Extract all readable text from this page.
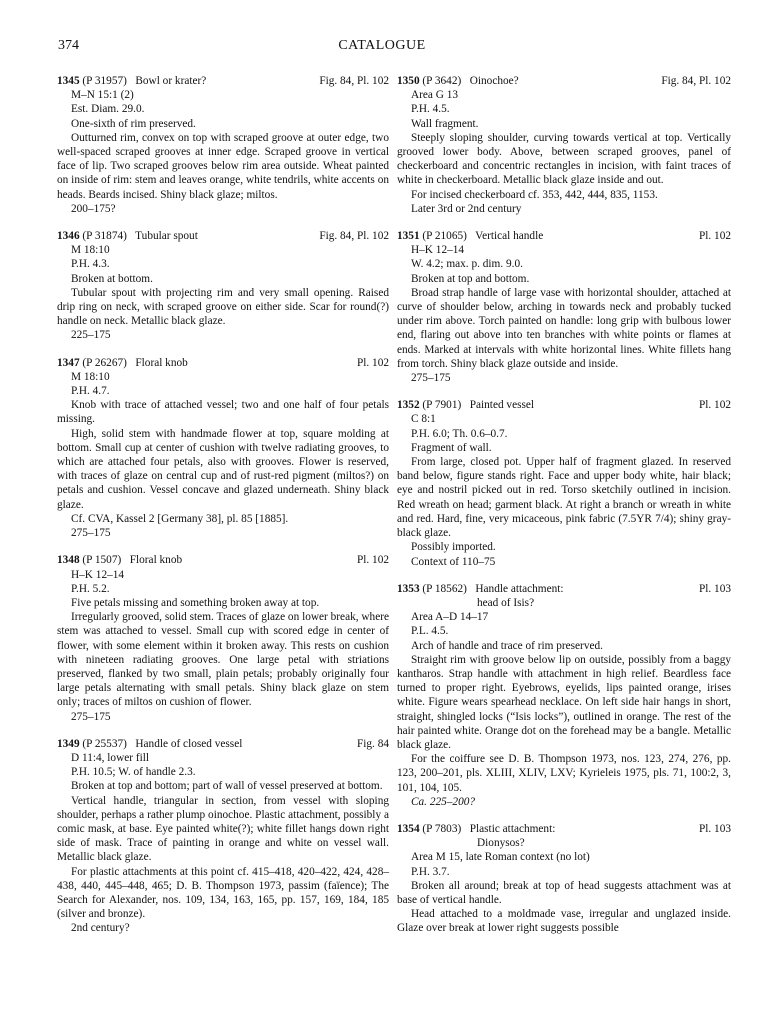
374	CATALOGUE
1345 (P 31957) Bowl or krater?	Fig. 84, Pl. 102
M–N 15:1 (2)
Est. Diam. 29.0.
One-sixth of rim preserved.
Outturned rim, convex on top with scraped groove at outer edge, two well-spaced scraped grooves at inner edge. Scraped groove in vertical face of lip. Two scraped grooves below rim area outside. Wheat painted on inside of rim: stem and leaves orange, white tendrils, white accents on heads. Beards incised. Shiny black glaze; miltos.
200–175?
1346 (P 31874) Tubular spout	Fig. 84, Pl. 102
M 18:10
P.H. 4.3.
Broken at bottom.
Tubular spout with projecting rim and very small opening. Raised drip ring on neck, with scraped groove on either side. Scar for round(?) handle on neck. Metallic black glaze.
225–175
1347 (P 26267) Floral knob	Pl. 102
M 18:10
P.H. 4.7.
Knob with trace of attached vessel; two and one half of four petals missing.
High, solid stem with handmade flower at top, square molding at bottom. Small cup at center of cushion with twelve radiating grooves, to which are attached four petals, also with grooves. Flower is reserved, with traces of glaze on central cup and of rust-red pigment (miltos?) on petals and cushion. Vessel concave and glazed underneath. Shiny black glaze.
Cf. CVA, Kassel 2 [Germany 38], pl. 85 [1885].
275–175
1348 (P 1507) Floral knob	Pl. 102
H–K 12–14
P.H. 5.2.
Five petals missing and something broken away at top.
Irregularly grooved, solid stem. Traces of glaze on lower break, where stem was attached to vessel. Small cup with scored edge in center of flower, with some element within it broken away. This rests on cushion with nineteen radiating grooves. One large petal with striations preserved, flanked by two small, plain petals; probably originally four large petals alternating with small petals. Shiny black glaze on stem only; traces of miltos on cushion of flower.
275–175
1349 (P 25537) Handle of closed vessel	Fig. 84
D 11:4, lower fill
P.H. 10.5; W. of handle 2.3.
Broken at top and bottom; part of wall of vessel preserved at bottom.
Vertical handle, triangular in section, from vessel with sloping shoulder, perhaps a rather plump oinochoe. Plastic attachment, possibly a comic mask, at base. Eye painted white(?); white fillet hangs down right side of mask. Trace of painting in orange and white on vessel wall. Metallic black glaze.
For plastic attachments at this point cf. 415–418, 420–422, 424, 428–438, 440, 445–448, 465; D. B. Thompson 1973, passim (faïence); The Search for Alexander, nos. 109, 134, 163, 165, pp. 157, 169, 184, 185 (silver and bronze).
2nd century?
1350 (P 3642) Oinochoe?	Fig. 84, Pl. 102
Area G 13
P.H. 4.5.
Wall fragment.
Steeply sloping shoulder, curving towards vertical at top. Vertically grooved lower body. Above, between scraped grooves, panel of checkerboard and concentric rectangles in incision, with faint traces of white in checkerboard. Metallic black glaze inside and out.
For incised checkerboard cf. 353, 442, 444, 835, 1153.
Later 3rd or 2nd century
1351 (P 21065) Vertical handle	Pl. 102
H–K 12–14
W. 4.2; max. p. dim. 9.0.
Broken at top and bottom.
Broad strap handle of large vase with horizontal shoulder, attached at curve of shoulder below, arching in towards neck and probably tucked under rim above. Torch painted on handle: long grip with bulbous lower end, flaring out above into ten branches with white points or flames at ends. Marked at intervals with white horizontal lines. White fillets hang from torch. Shiny black glaze outside and inside.
275–175
1352 (P 7901) Painted vessel	Pl. 102
C 8:1
P.H. 6.0; Th. 0.6–0.7.
Fragment of wall.
From large, closed pot. Upper half of fragment glazed. In reserved band below, figure stands right. Face and upper body white, hair black; eye and nostril picked out in red. Torso sketchily outlined in incision. Red wreath on head; garment black. At right a branch or wreath in white and red. Hard, fine, very micaceous, pink fabric (7.5YR 7/4); shiny gray-black glaze.
Possibly imported.
Context of 110–75
1353 (P 18562) Handle attachment:	Pl. 103
head of Isis?
Area A–D 14–17
P.L. 4.5.
Arch of handle and trace of rim preserved.
Straight rim with groove below lip on outside, possibly from a baggy kantharos. Strap handle with attachment in high relief. Beardless face turned to proper right. Eyebrows, eyelids, lips painted orange, irises white. Figure wears spearhead necklace. On left side hair hangs in short, straight, shingled locks (“Isis locks”), outlined in orange. The rest of the hair painted white. Orange dot on the forehead may be a bangle. Metallic black glaze.
For the coiffure see D. B. Thompson 1973, nos. 123, 274, 276, pp. 123, 200–201, pls. XLIII, XLIV, LXV; Kyrieleis 1975, pls. 71, 100:2, 3, 101, 104, 105.
Ca. 225–200?
1354 (P 7803) Plastic attachment:	Pl. 103
Dionysos?
Area M 15, late Roman context (no lot)
P.H. 3.7.
Broken all around; break at top of head suggests attachment was at base of vertical handle.
Head attached to a moldmade vase, irregular and unglazed inside. Glaze over break at lower right suggests possible
